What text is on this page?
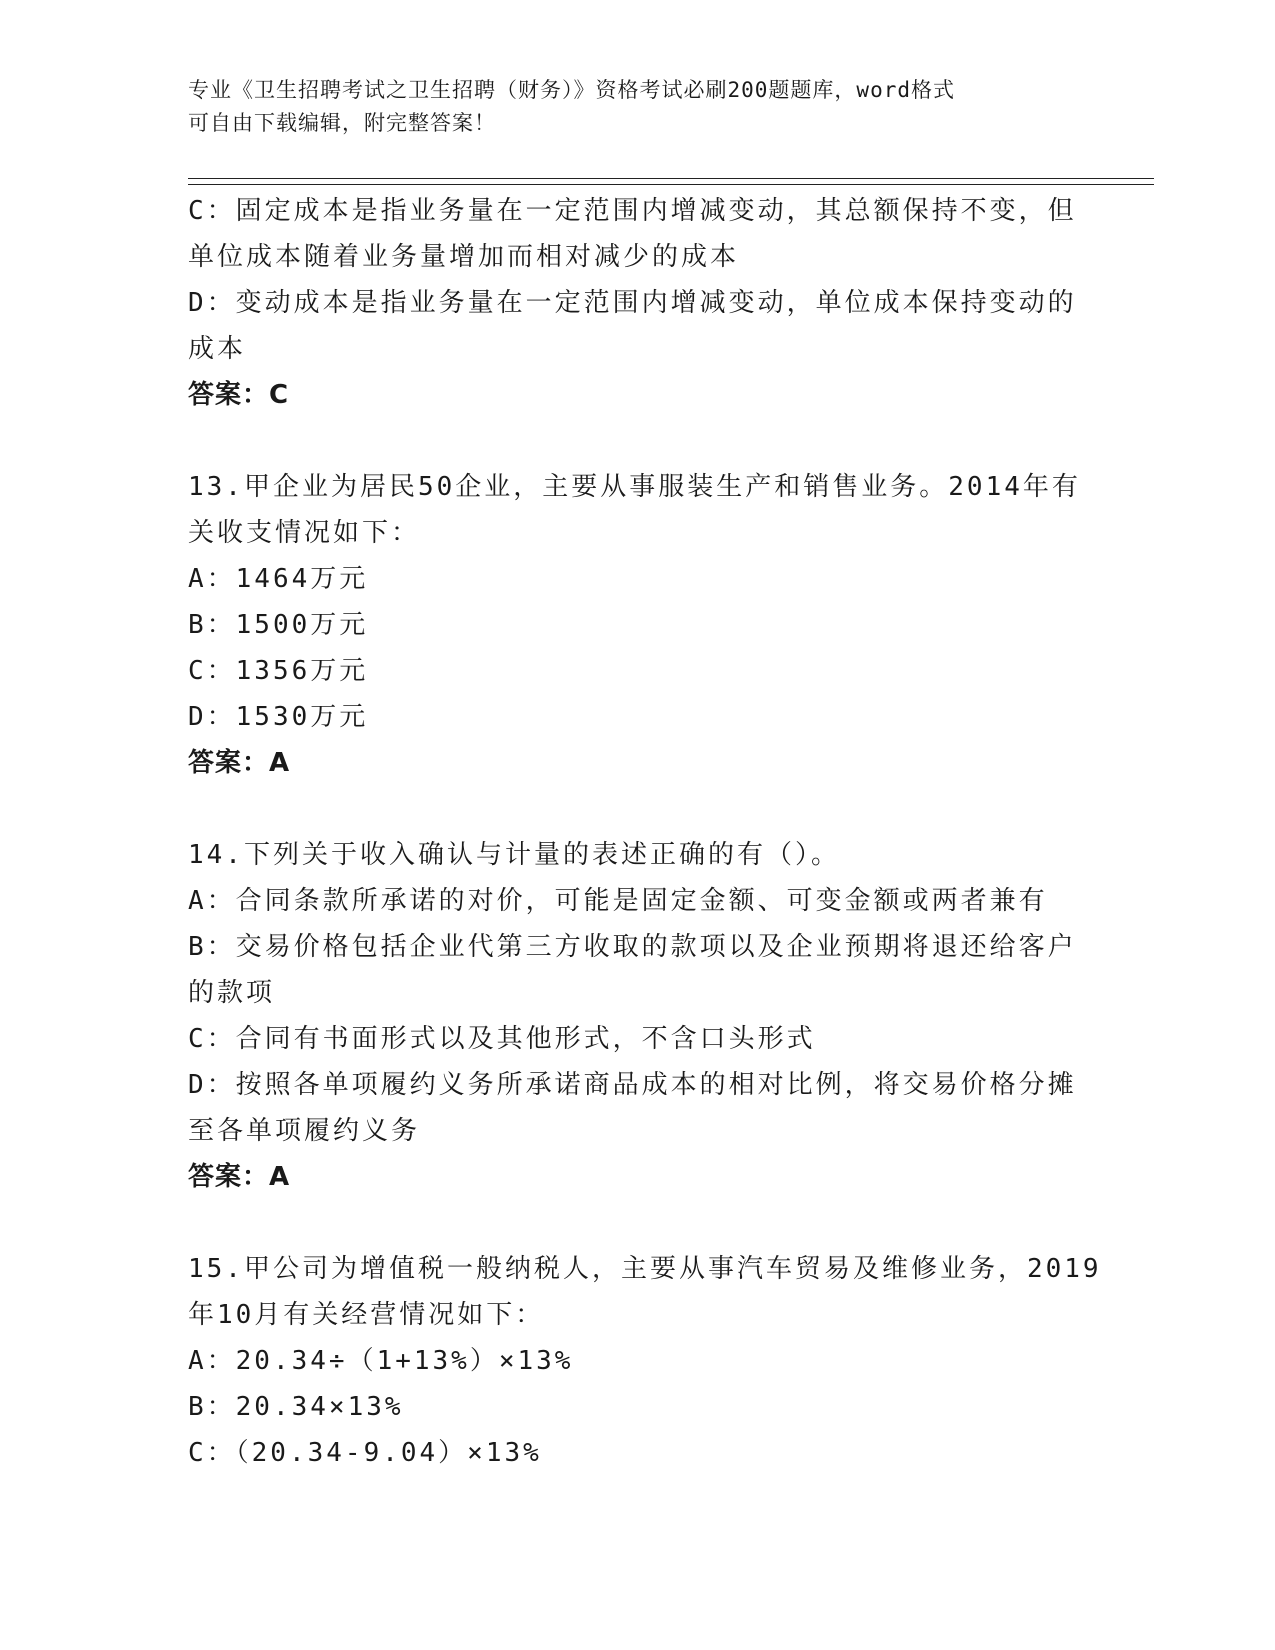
专业《卫生招聘考试之卫生招聘（财务）》资格考试必刷200题题库，word格式
可自由下载编辑，附完整答案！

C：固定成本是指业务量在一定范围内增减变动，其总额保持不变，但

单位成本随着业务量增加而相对减少的成本

D：变动成本是指业务量在一定范围内增减变动，单位成本保持变动的

成本

答案：C

13.甲企业为居民50企业，主要从事服装生产和销售业务。2014年有

关收支情况如下：

A：1464万元

B：1500万元

C：1356万元

D：1530万元

答案：A

14.下列关于收入确认与计量的表述正确的有（）。

A：合同条款所承诺的对价，可能是固定金额、可变金额或两者兼有

B：交易价格包括企业代第三方收取的款项以及企业预期将退还给客户

的款项

C：合同有书面形式以及其他形式，不含口头形式

D：按照各单项履约义务所承诺商品成本的相对比例，将交易价格分摊

至各单项履约义务

答案：A

15.甲公司为增值税一般纳税人，主要从事汽车贸易及维修业务，2019

年10月有关经营情况如下：

A：20.34÷（1+13%）×13%

B：20.34×13%

C：（20.34-9.04）×13%
